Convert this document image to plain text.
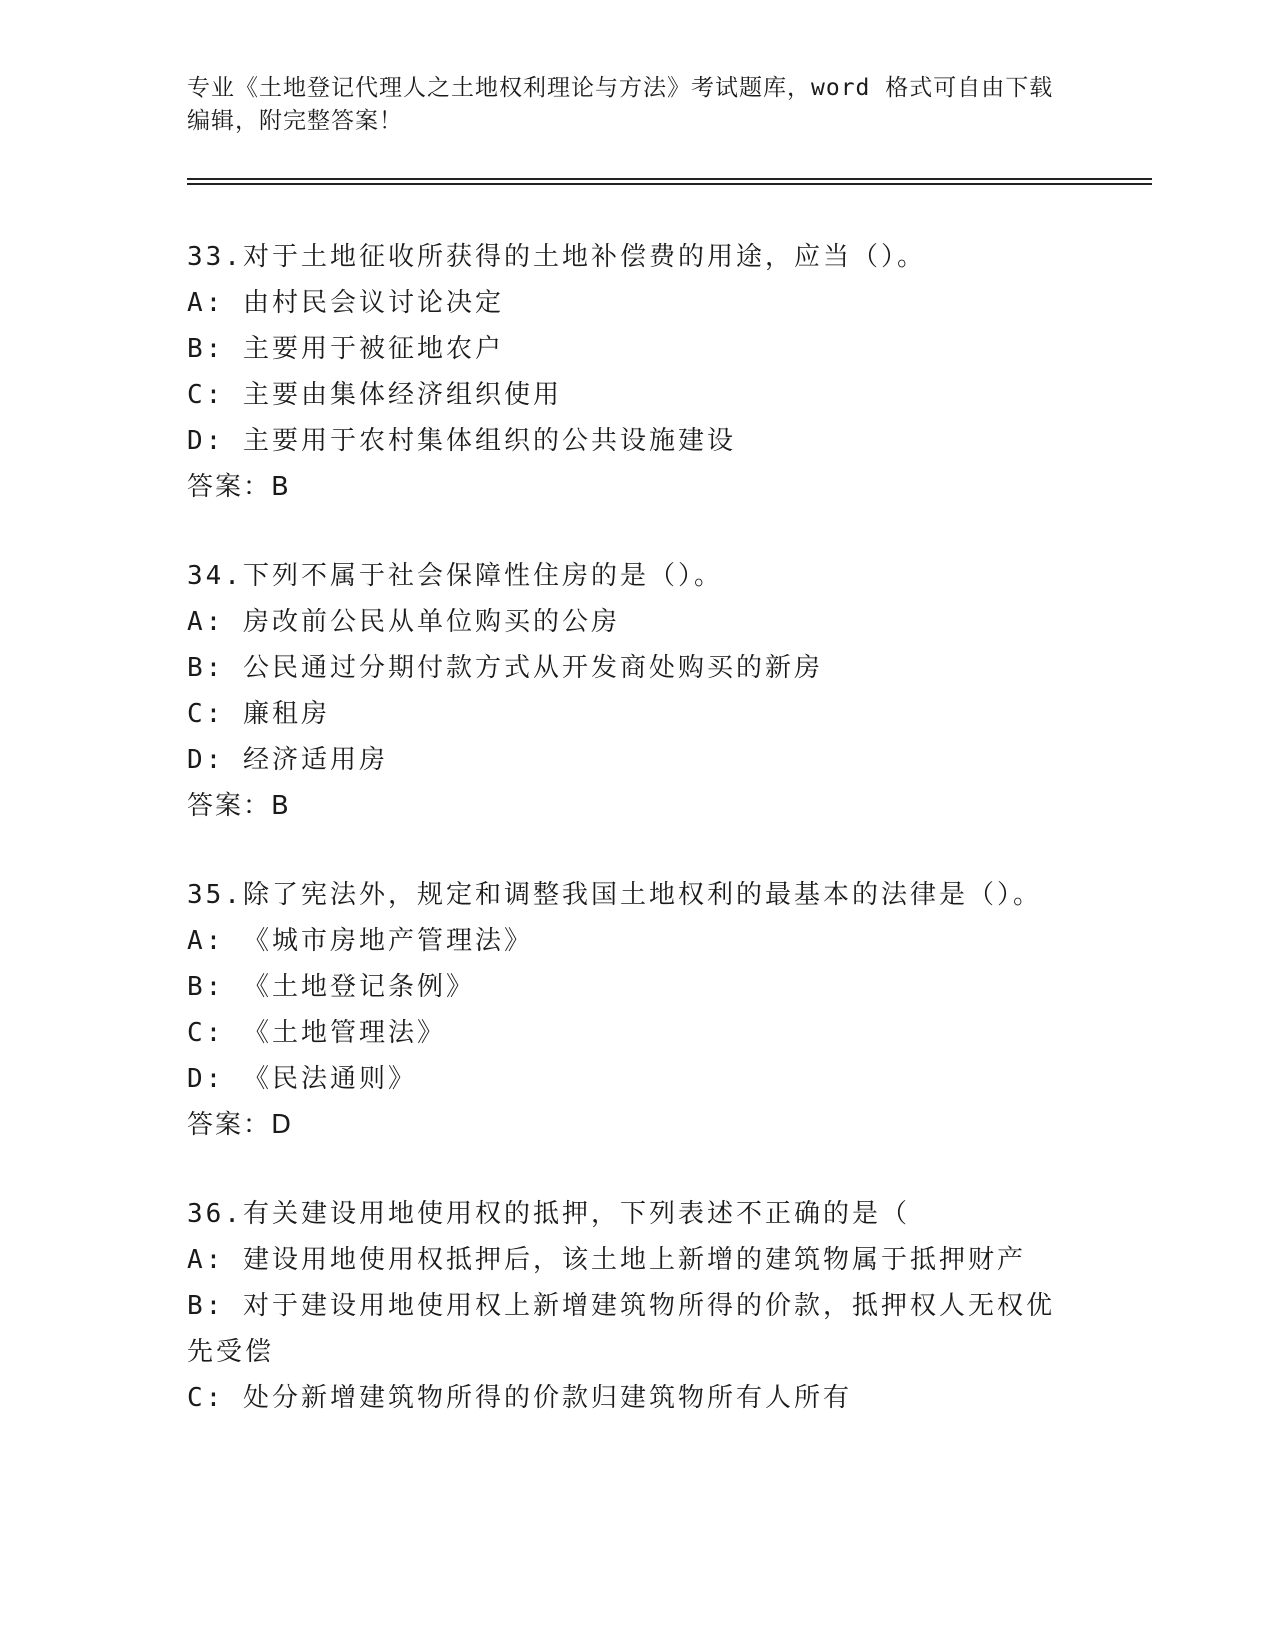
专业《土地登记代理人之土地权利理论与方法》考试题库，word 格式可自由下载编辑，附完整答案！
33.对于土地征收所获得的土地补偿费的用途，应当（）。
A: 由村民会议讨论决定
B: 主要用于被征地农户
C: 主要由集体经济组织使用
D: 主要用于农村集体组织的公共设施建设
答案：B
34.下列不属于社会保障性住房的是（）。
A: 房改前公民从单位购买的公房
B: 公民通过分期付款方式从开发商处购买的新房
C: 廉租房
D: 经济适用房
答案：B
35.除了宪法外，规定和调整我国土地权利的最基本的法律是（）。
A: 《城市房地产管理法》
B: 《土地登记条例》
C: 《土地管理法》
D: 《民法通则》
答案：D
36.有关建设用地使用权的抵押，下列表述不正确的是（
A: 建设用地使用权抵押后，该土地上新增的建筑物属于抵押财产
B: 对于建设用地使用权上新增建筑物所得的价款，抵押权人无权优先受偿
C: 处分新增建筑物所得的价款归建筑物所有人所有
